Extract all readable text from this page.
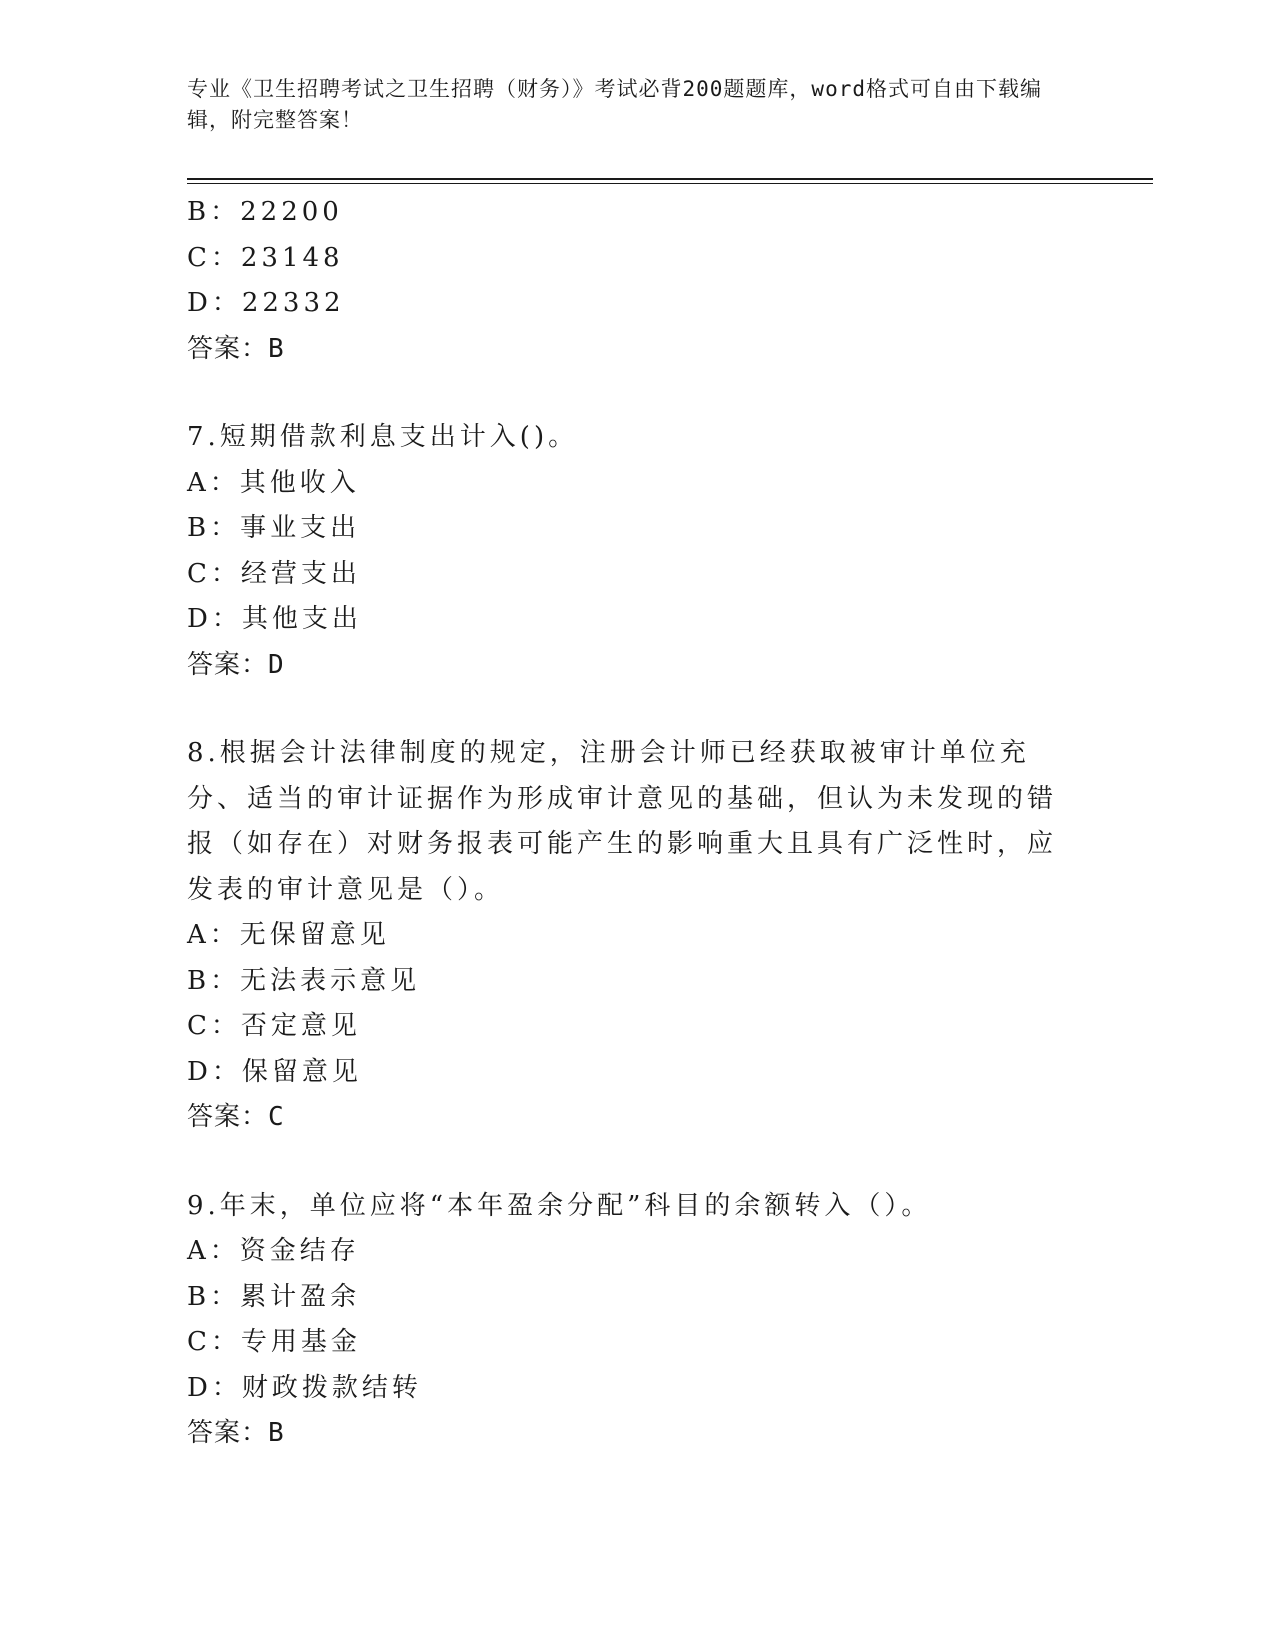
专业《卫生招聘考试之卫生招聘（财务）》考试必背200题题库，word格式可自由下载编辑，附完整答案！
B：22200
C：23148
D：22332
答案：B
7.短期借款利息支出计入()。
A：其他收入
B：事业支出
C：经营支出
D：其他支出
答案：D
8.根据会计法律制度的规定，注册会计师已经获取被审计单位充分、适当的审计证据作为形成审计意见的基础，但认为未发现的错报（如存在）对财务报表可能产生的影响重大且具有广泛性时，应发表的审计意见是（）。
A：无保留意见
B：无法表示意见
C：否定意见
D：保留意见
答案：C
9.年末，单位应将“本年盈余分配”科目的余额转入（）。
A：资金结存
B：累计盈余
C：专用基金
D：财政拨款结转
答案：B
